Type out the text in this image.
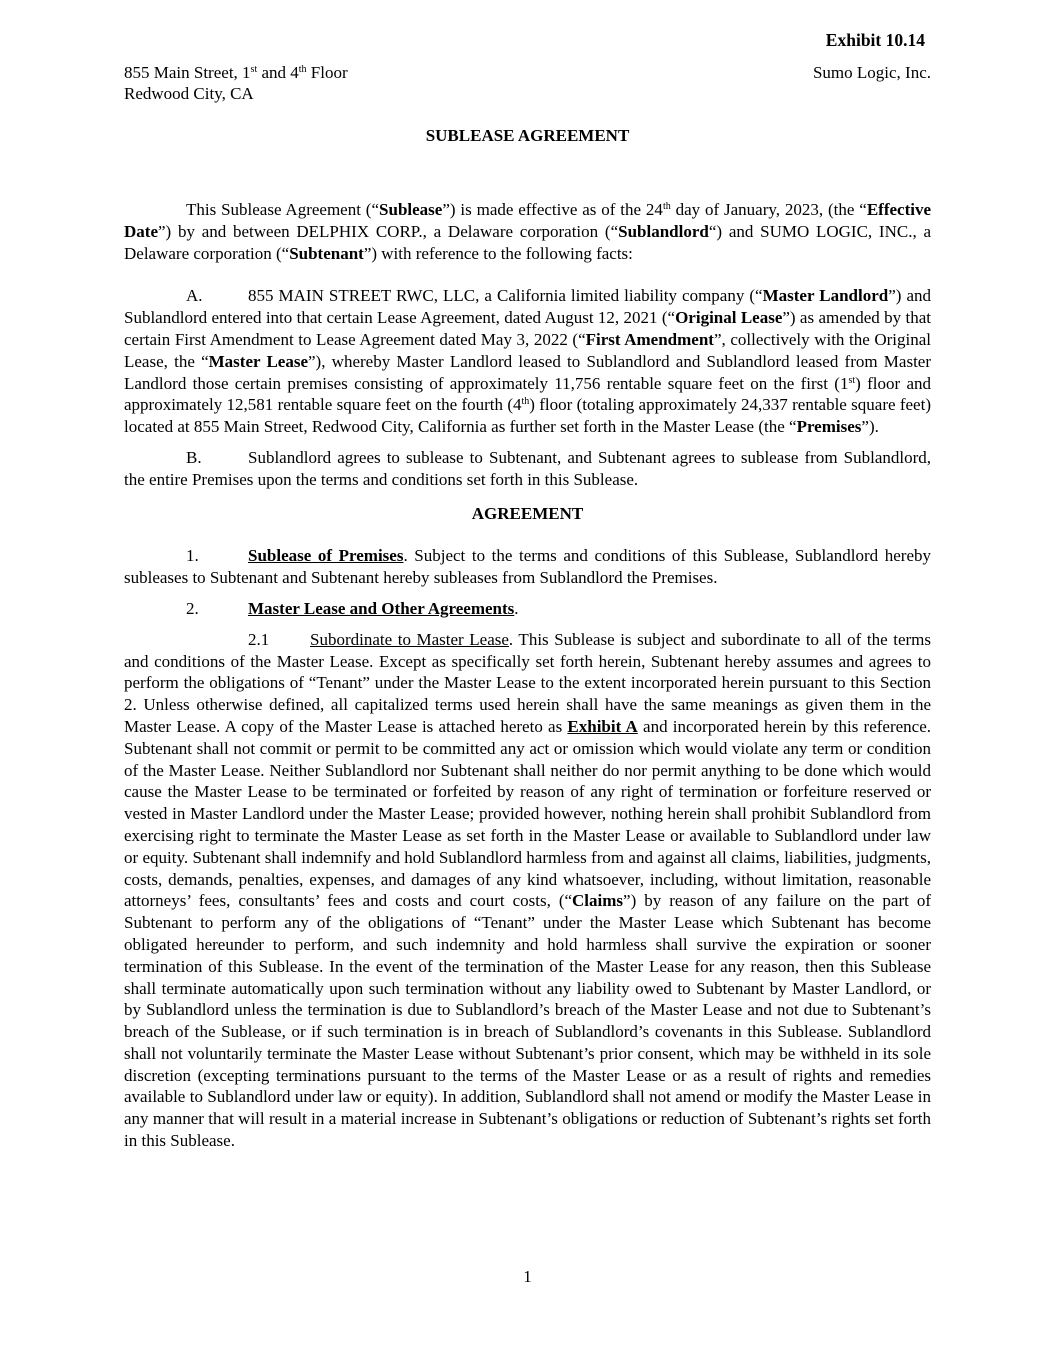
Exhibit 10.14
855 Main Street, 1st and 4th Floor
Redwood City, CA
Sumo Logic, Inc.
SUBLEASE AGREEMENT

This Sublease Agreement (“Sublease”) is made effective as of the 24th day of January, 2023, (the “Effective Date”) by and between DELPHIX CORP., a Delaware corporation (“Sublandlord“) and SUMO LOGIC, INC., a Delaware corporation (“Subtenant”) with reference to the following facts:

A.	855 MAIN STREET RWC, LLC, a California limited liability company (“Master Landlord”) and Sublandlord entered into that certain Lease Agreement, dated August 12, 2021 (“Original Lease”) as amended by that certain First Amendment to Lease Agreement dated May 3, 2022 (“First Amendment”, collectively with the Original Lease, the “Master Lease”), whereby Master Landlord leased to Sublandlord and Sublandlord leased from Master Landlord those certain premises consisting of approximately 11,756 rentable square feet on the first (1st) floor and approximately 12,581 rentable square feet on the fourth (4th) floor (totaling approximately 24,337 rentable square feet) located at 855 Main Street, Redwood City, California as further set forth in the Master Lease (the “Premises”).

B.	Sublandlord agrees to sublease to Subtenant, and Subtenant agrees to sublease from Sublandlord, the entire Premises upon the terms and conditions set forth in this Sublease.

AGREEMENT

1.	Sublease of Premises. Subject to the terms and conditions of this Sublease, Sublandlord hereby subleases to Subtenant and Subtenant hereby subleases from Sublandlord the Premises.

2.	Master Lease and Other Agreements.

2.1 Subordinate to Master Lease. This Sublease is subject and subordinate to all of the terms and conditions of the Master Lease. Except as specifically set forth herein, Subtenant hereby assumes and agrees to perform the obligations of “Tenant” under the Master Lease to the extent incorporated herein pursuant to this Section 2. Unless otherwise defined, all capitalized terms used herein shall have the same meanings as given them in the Master Lease. A copy of the Master Lease is attached hereto as Exhibit A and incorporated herein by this reference. Subtenant shall not commit or permit to be committed any act or omission which would violate any term or condition of the Master Lease. Neither Sublandlord nor Subtenant shall neither do nor permit anything to be done which would cause the Master Lease to be terminated or forfeited by reason of any right of termination or forfeiture reserved or vested in Master Landlord under the Master Lease; provided however, nothing herein shall prohibit Sublandlord from exercising right to terminate the Master Lease as set forth in the Master Lease or available to Sublandlord under law or equity. Subtenant shall indemnify and hold Sublandlord harmless from and against all claims, liabilities, judgments, costs, demands, penalties, expenses, and damages of any kind whatsoever, including, without limitation, reasonable attorneys’ fees, consultants’ fees and costs and court costs, (“Claims”) by reason of any failure on the part of Subtenant to perform any of the obligations of “Tenant” under the Master Lease which Subtenant has become obligated hereunder to perform, and such indemnity and hold harmless shall survive the expiration or sooner termination of this Sublease. In the event of the termination of the Master Lease for any reason, then this Sublease shall terminate automatically upon such termination without any liability owed to Subtenant by Master Landlord, or by Sublandlord unless the termination is due to Sublandlord’s breach of the Master Lease and not due to Subtenant’s breach of the Sublease, or if such termination is in breach of Sublandlord’s covenants in this Sublease. Sublandlord shall not voluntarily terminate the Master Lease without Subtenant’s prior consent, which may be withheld in its sole discretion (excepting terminations pursuant to the terms of the Master Lease or as a result of rights and remedies available to Sublandlord under law or equity). In addition, Sublandlord shall not amend or modify the Master Lease in any manner that will result in a material increase in Subtenant’s obligations or reduction of Subtenant’s rights set forth in this Sublease.

1
